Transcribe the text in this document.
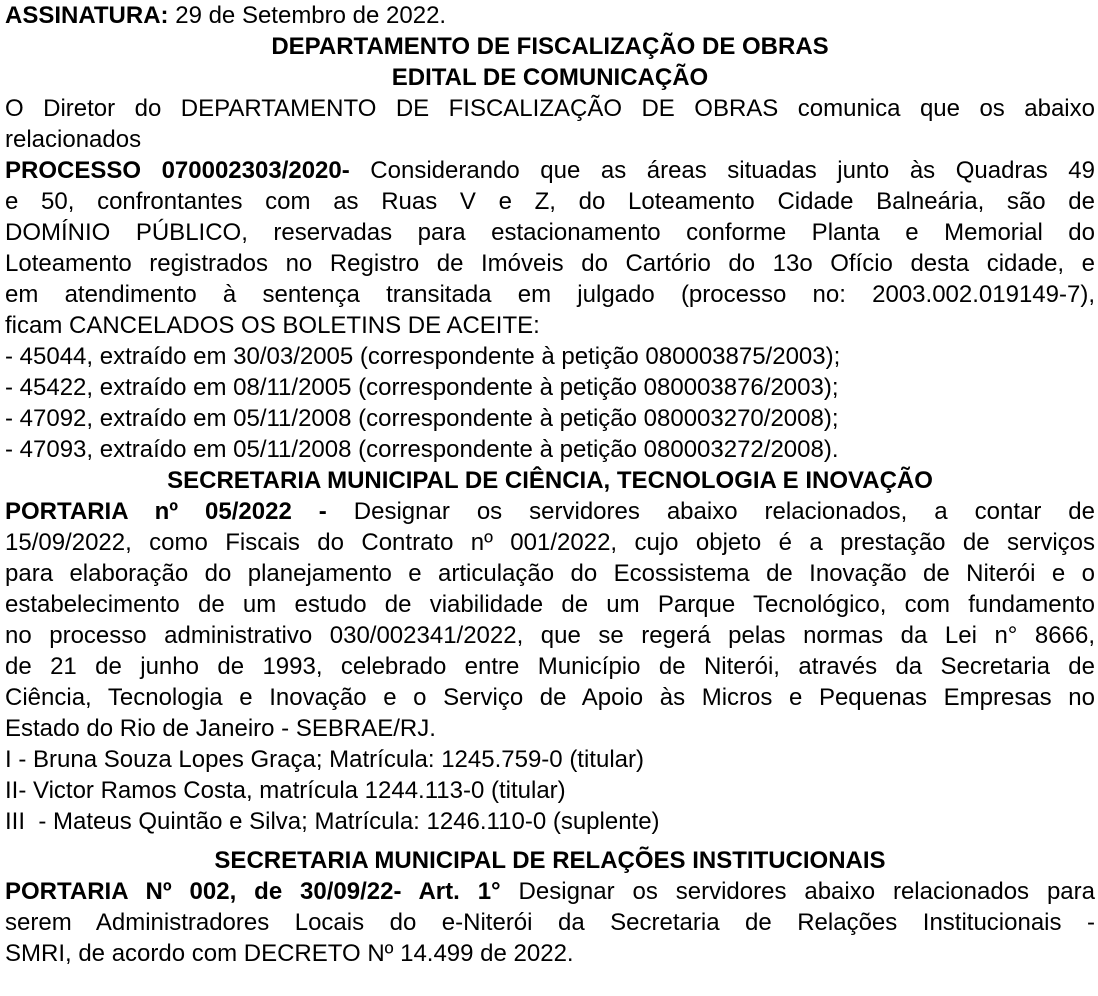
ASSINATURA: 29 de Setembro de 2022.
DEPARTAMENTO DE FISCALIZAÇÃO DE OBRAS
EDITAL DE COMUNICAÇÃO
O Diretor do DEPARTAMENTO DE FISCALIZAÇÃO DE OBRAS comunica que os abaixo
relacionados
PROCESSO 070002303/2020- Considerando que as áreas situadas junto às Quadras 49
e 50, confrontantes com as Ruas V e Z, do Loteamento Cidade Balneária, são de
DOMÍNIO PÚBLICO, reservadas para estacionamento conforme Planta e Memorial do
Loteamento registrados no Registro de Imóveis do Cartório do 13o Ofício desta cidade, e
em atendimento à sentença transitada em julgado (processo no: 2003.002.019149-7),
ficam CANCELADOS OS BOLETINS DE ACEITE:
- 45044, extraído em 30/03/2005 (correspondente à petição 080003875/2003);
- 45422, extraído em 08/11/2005 (correspondente à petição 080003876/2003);
- 47092, extraído em 05/11/2008 (correspondente à petição 080003270/2008);
- 47093, extraído em 05/11/2008 (correspondente à petição 080003272/2008).
SECRETARIA MUNICIPAL DE CIÊNCIA, TECNOLOGIA E INOVAÇÃO
PORTARIA nº 05/2022 - Designar os servidores abaixo relacionados, a contar de
15/09/2022, como Fiscais do Contrato nº 001/2022, cujo objeto é a prestação de serviços
para elaboração do planejamento e articulação do Ecossistema de Inovação de Niterói e o
estabelecimento de um estudo de viabilidade de um Parque Tecnológico, com fundamento
no processo administrativo 030/002341/2022, que se regerá pelas normas da Lei n° 8666,
de 21 de junho de 1993, celebrado entre Município de Niterói, através da Secretaria de
Ciência, Tecnologia e Inovação e o Serviço de Apoio às Micros e Pequenas Empresas no
Estado do Rio de Janeiro - SEBRAE/RJ.
I - Bruna Souza Lopes Graça; Matrícula: 1245.759-0 (titular)
II- Victor Ramos Costa, matrícula 1244.113-0 (titular)
III  - Mateus Quintão e Silva; Matrícula: 1246.110-0 (suplente)
SECRETARIA MUNICIPAL DE RELAÇÕES INSTITUCIONAIS
PORTARIA Nº 002, de 30/09/22- Art. 1° Designar os servidores abaixo relacionados para
serem Administradores Locais do e-Niterói da Secretaria de Relações Institucionais -
SMRI, de acordo com DECRETO Nº 14.499 de 2022.
